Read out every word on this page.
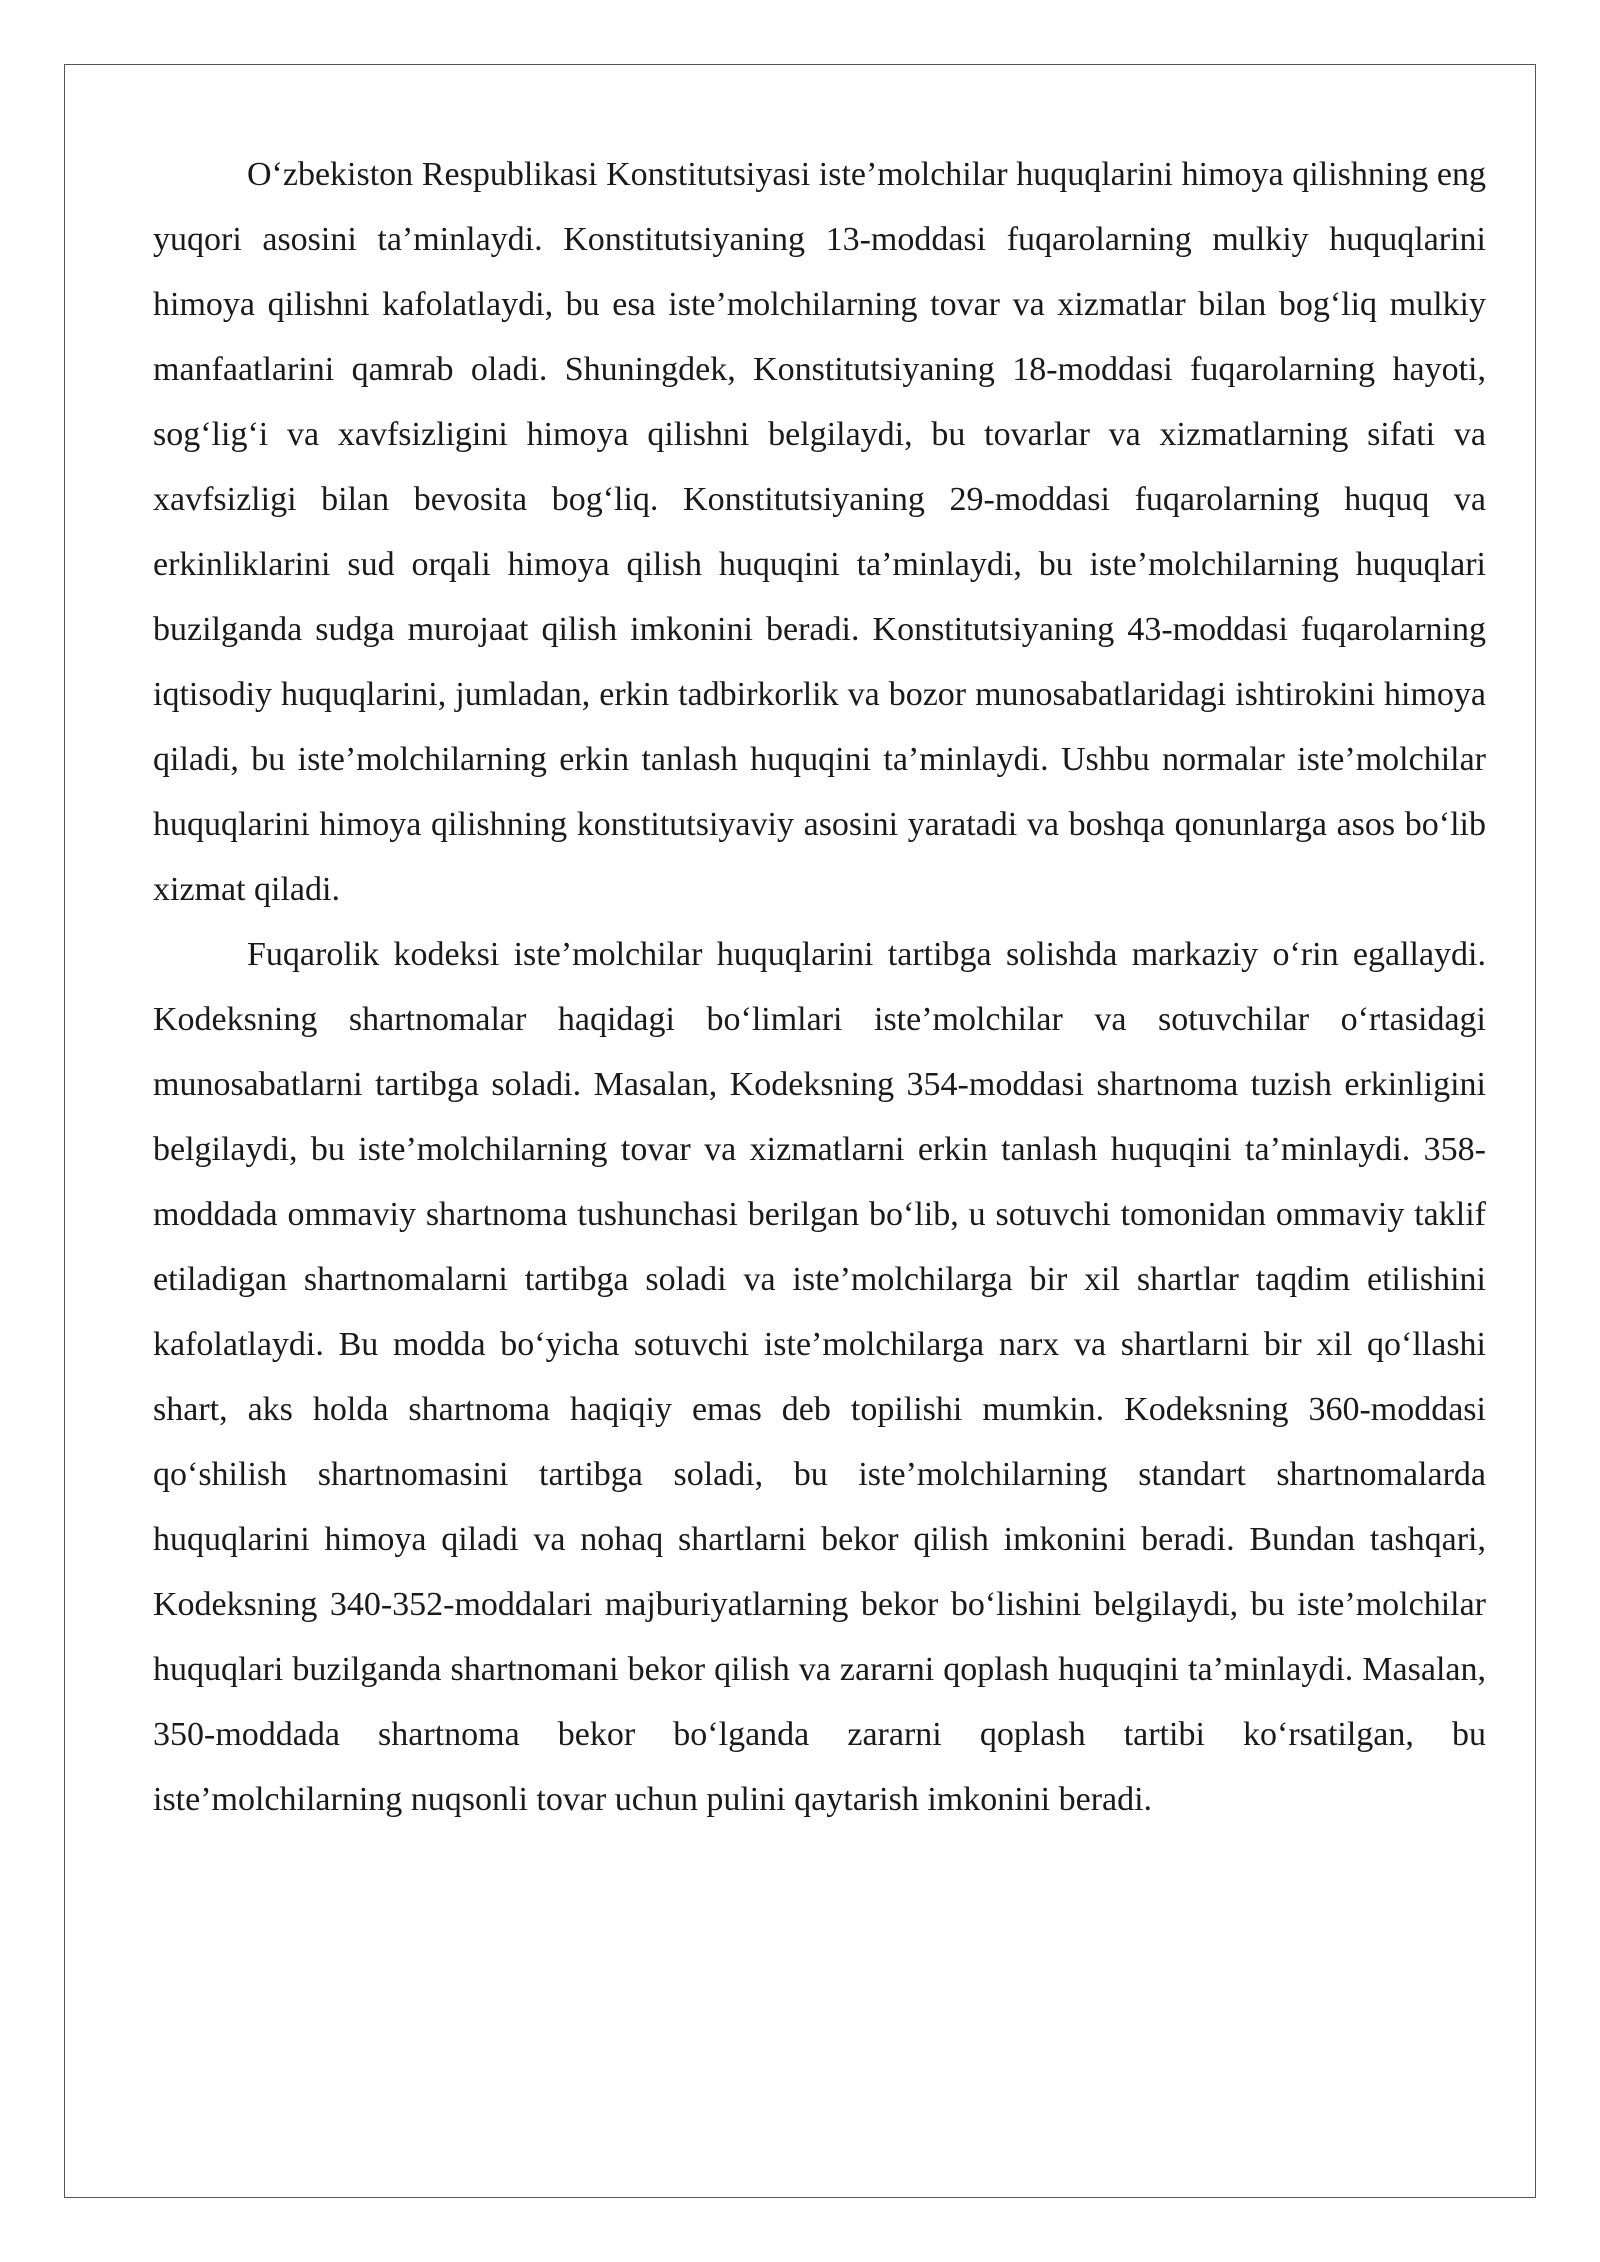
O‘zbekiston Respublikasi Konstitutsiyasi iste’molchilar huquqlarini himoya qilishning eng yuqori asosini ta’minlaydi. Konstitutsiyaning 13-moddasi fuqarolarning mulkiy huquqlarini himoya qilishni kafolatlaydi, bu esa iste’molchilarning tovar va xizmatlar bilan bog‘liq mulkiy manfaatlarini qamrab oladi. Shuningdek, Konstitutsiyaning 18-moddasi fuqarolarning hayoti, sog‘lig‘i va xavfsizligini himoya qilishni belgilaydi, bu tovarlar va xizmatlarning sifati va xavfsizligi bilan bevosita bog‘liq. Konstitutsiyaning 29-moddasi fuqarolarning huquq va erkinliklarini sud orqali himoya qilish huquqini ta’minlaydi, bu iste’molchilarning huquqlari buzilganda sudga murojaat qilish imkonini beradi. Konstitutsiyaning 43-moddasi fuqarolarning iqtisodiy huquqlarini, jumladan, erkin tadbirkorlik va bozor munosabatlaridagi ishtirokini himoya qiladi, bu iste’molchilarning erkin tanlash huquqini ta’minlaydi. Ushbu normalar iste’molchilar huquqlarini himoya qilishning konstitutsiyaviy asosini yaratadi va boshqa qonunlarga asos bo‘lib xizmat qiladi.

Fuqarolik kodeksi iste’molchilar huquqlarini tartibga solishda markaziy o‘rin egallaydi. Kodeksning shartnomalar haqidagi bo‘limlari iste’molchilar va sotuvchilar o‘rtasidagi munosabatlarni tartibga soladi. Masalan, Kodeksning 354-moddasi shartnoma tuzish erkinligini belgilaydi, bu iste’molchilarning tovar va xizmatlarni erkin tanlash huquqini ta’minlaydi. 358-moddada ommaviy shartnoma tushunchasi berilgan bo‘lib, u sotuvchi tomonidan ommaviy taklif etiladigan shartnomalarni tartibga soladi va iste’molchilarga bir xil shartlar taqdim etilishini kafolatlaydi. Bu modda bo‘yicha sotuvchi iste’molchilarga narx va shartlarni bir xil qo‘llashi shart, aks holda shartnoma haqiqiy emas deb topilishi mumkin. Kodeksning 360-moddasi qo‘shilish shartnomasini tartibga soladi, bu iste’molchilarning standart shartnomalarda huquqlarini himoya qiladi va nohaq shartlarni bekor qilish imkonini beradi. Bundan tashqari, Kodeksning 340-352-moddalari majburiyatlarning bekor bo‘lishini belgilaydi, bu iste’molchilar huquqlari buzilganda shartnomani bekor qilish va zararni qoplash huquqini ta’minlaydi. Masalan, 350-moddada shartnoma bekor bo‘lganda zararni qoplash tartibi ko‘rsatilgan, bu iste’molchilarning nuqsonli tovar uchun pulini qaytarish imkonini beradi.
